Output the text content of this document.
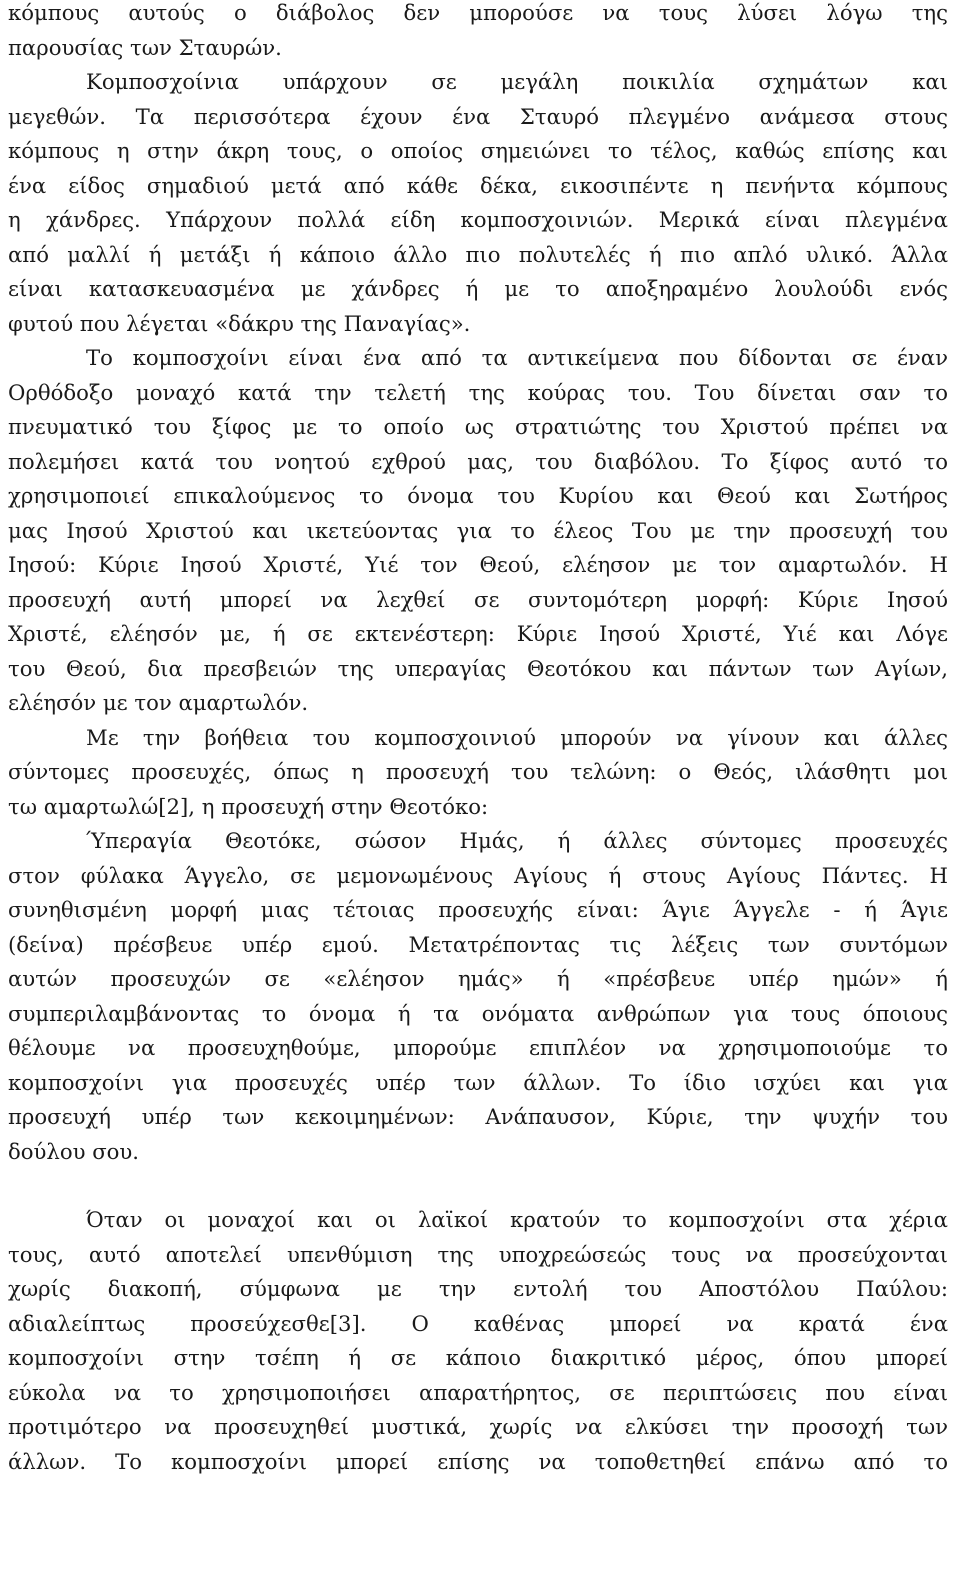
κόμπους αυτούς ο διάβολος δεν μπορούσε να τους λύσει λόγω της
παρουσίας των Σταυρών.

Κομποσχοίνια υπάρχουν σε μεγάλη ποικιλία σχημάτων και
μεγεθών. Τα περισσότερα έχουν ένα Σταυρό πλεγμένο ανάμεσα στους
κόμπους η στην άκρη τους, ο οποίος σημειώνει το τέλος, καθώς επίσης και
ένα είδος σημαδιού μετά από κάθε δέκα, εικοσιπέντε η πενήντα κόμπους
η χάνδρες. Υπάρχουν πολλά είδη κομποσχοινιών. Μερικά είναι πλεγμένα
από μαλλί ή μετάξι ή κάποιο άλλο πιο πολυτελές ή πιο απλό υλικό. Άλλα
είναι κατασκευασμένα με χάνδρες ή με το αποξηραμένο λουλούδι ενός
φυτού που λέγεται «δάκρυ της Παναγίας».

Το κομποσχοίνι είναι ένα από τα αντικείμενα που δίδονται σε έναν
Ορθόδοξο μοναχό κατά την τελετή της κούρας του. Του δίνεται σαν το
πνευματικό του ξίφος με το οποίο ως στρατιώτης του Χριστού πρέπει να
πολεμήσει κατά του νοητού εχθρού μας, του διαβόλου. Το ξίφος αυτό το
χρησιμοποιεί επικαλούμενος το όνομα του Κυρίου και Θεού και Σωτήρος
μας Ιησού Χριστού και ικετεύοντας για το έλεος Του με την προσευχή του
Ιησού: Κύριε Ιησού Χριστέ, Υιέ τον Θεού, ελέησον με τον αμαρτωλόν. Η
προσευχή αυτή μπορεί να λεχθεί σε συντομότερη μορφή: Κύριε Ιησού
Χριστέ, ελέησόν με, ή σε εκτενέστερη: Κύριε Ιησού Χριστέ, Υιέ και Λόγε
του Θεού, δια πρεσβειών της υπεραγίας Θεοτόκου και πάντων των Αγίων,
ελέησόν με τον αμαρτωλόν.

Με την βοήθεια του κομποσχοινιού μπορούν να γίνουν και άλλες
σύντομες προσευχές, όπως η προσευχή του τελώνη: ο Θεός, ιλάσθητι μοι
τω αμαρτωλώ[2], η προσευχή στην Θεοτόκο:

Ύπεραγία Θεοτόκε, σώσον Ημάς, ή άλλες σύντομες προσευχές
στον φύλακα Άγγελο, σε μεμονωμένους Αγίους ή στους Αγίους Πάντες. Η
συνηθισμένη μορφή μιας τέτοιας προσευχής είναι: Άγιε Άγγελε - ή Άγιε
(δείνα) πρέσβευε υπέρ εμού. Μετατρέποντας τις λέξεις των συντόμων
αυτών προσευχών σε «ελέησον ημάς» ή «πρέσβευε υπέρ ημών» ή
συμπεριλαμβάνοντας το όνομα ή τα ονόματα ανθρώπων για τους όποιους
θέλουμε να προσευχηθούμε, μπορούμε επιπλέον να χρησιμοποιούμε το
κομποσχοίνι για προσευχές υπέρ των άλλων. Το ίδιο ισχύει και για
προσευχή υπέρ των κεκοιμημένων: Ανάπαυσον, Κύριε, την ψυχήν του
δούλου σου.

Όταν οι μοναχοί και οι λαϊκοί κρατούν το κομποσχοίνι στα χέρια
τους, αυτό αποτελεί υπενθύμιση της υποχρεώσεώς τους να προσεύχονται
χωρίς διακοπή, σύμφωνα με την εντολή του Αποστόλου Παύλου:
αδιαλείπτως προσεύχεσθε[3]. Ο καθένας μπορεί να κρατά ένα
κομποσχοίνι στην τσέπη ή σε κάποιο διακριτικό μέρος, όπου μπορεί
εύκολα να το χρησιμοποιήσει απαρατήρητος, σε περιπτώσεις που είναι
προτιμότερο να προσευχηθεί μυστικά, χωρίς να ελκύσει την προσοχή των
άλλων. Το κομποσχοίνι μπορεί επίσης να τοποθετηθεί επάνω από το
